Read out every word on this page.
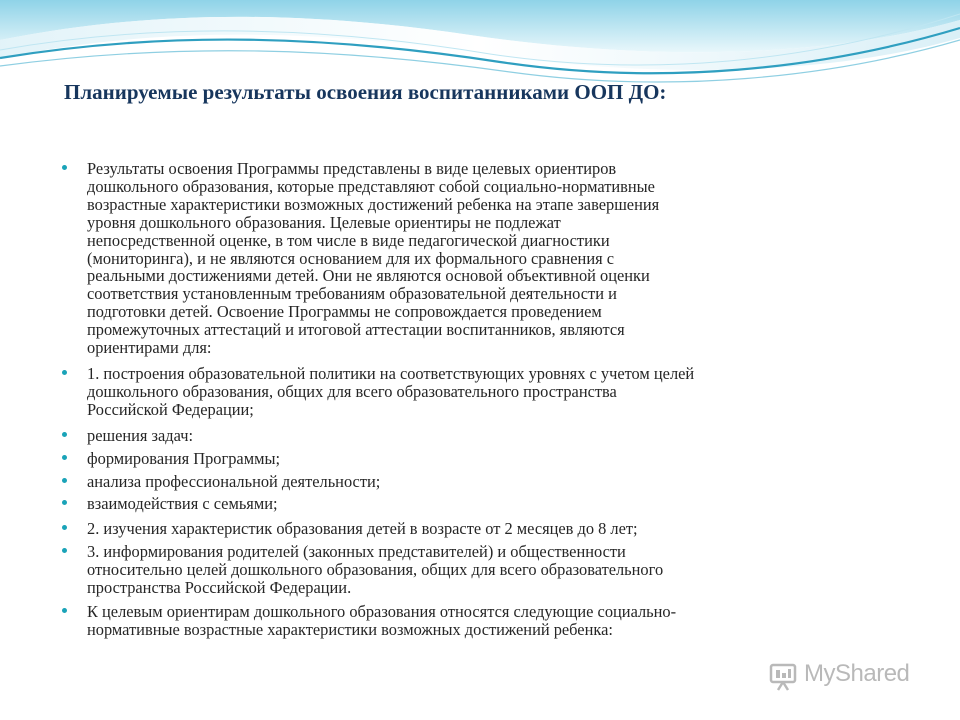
Планируемые результаты освоения воспитанниками ООП ДО:
Результаты освоения Программы представлены в виде целевых ориентиров
дошкольного образования, которые представляют собой социально-нормативные
возрастные характеристики возможных достижений ребенка на этапе завершения
уровня дошкольного образования. Целевые ориентиры не подлежат
непосредственной оценке, в том числе в виде педагогической диагностики
(мониторинга), и не являются основанием для их формального сравнения с
реальными достижениями детей. Они не являются основой объективной оценки
соответствия установленным требованиям образовательной деятельности и
подготовки детей. Освоение Программы не сопровождается проведением
промежуточных аттестаций и итоговой аттестации воспитанников, являются
ориентирами для:
1. построения образовательной политики на соответствующих уровнях с учетом целей
дошкольного образования, общих для всего образовательного пространства
Российской Федерации;
решения задач:
формирования Программы;
анализа профессиональной деятельности;
взаимодействия с семьями;
2. изучения характеристик образования детей в возрасте от 2 месяцев до 8 лет;
3. информирования родителей (законных представителей) и общественности
относительно целей дошкольного образования, общих для всего образовательного
пространства Российской Федерации.
К целевым ориентирам дошкольного образования относятся следующие социально-
нормативные возрастные характеристики возможных достижений ребенка:
MyShared
